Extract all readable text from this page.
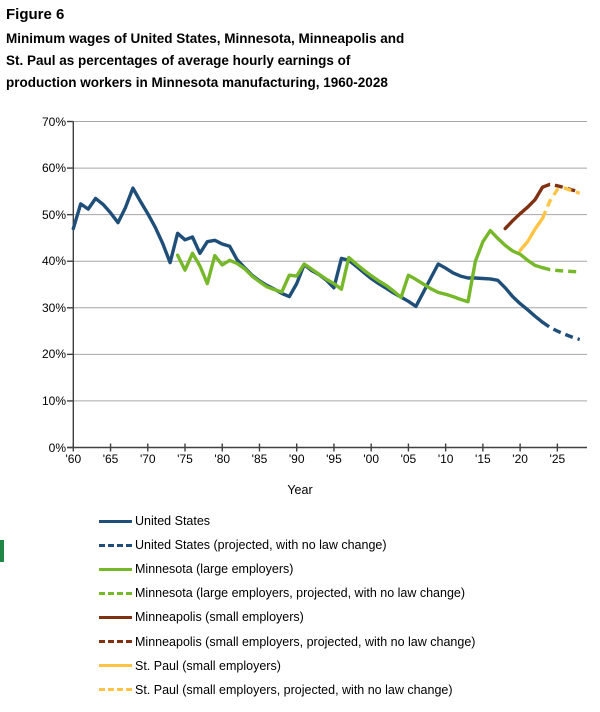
Figure 6
Minimum wages of United States, Minnesota, Minneapolis and
St. Paul as percentages of average hourly earnings of
production workers in Minnesota manufacturing, 1960-2028
0%
10%
20%
30%
40%
50%
60%
70%
'60 '65 '70 '75 '80 '85 '90 '95 '00 '05 '10 '15 '20 '25
Year
United States
United States (projected, with no law change)
Minnesota (large employers)
Minnesota (large employers, projected, with no law change)
Minneapolis (small employers)
Minneapolis (small employers, projected, with no law change)
St. Paul (small employers)
St. Paul (small employers, projected, with no law change)
